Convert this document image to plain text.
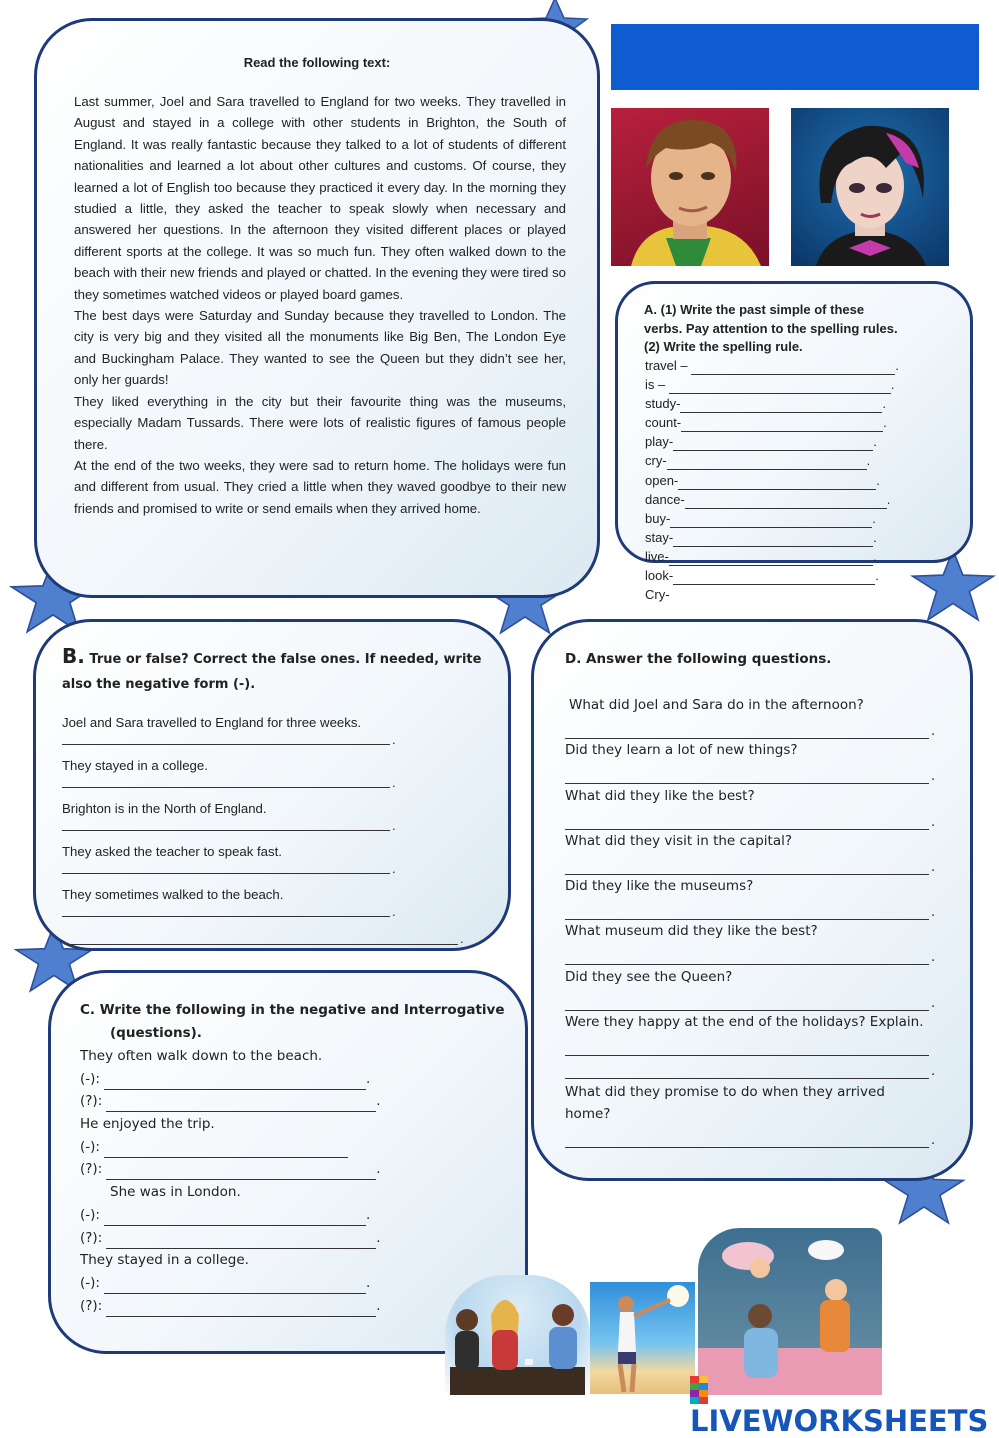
Read the following text:

Last summer, Joel and Sara travelled to England for two weeks. They travelled in August and stayed in a college with other students in Brighton, the South of England. It was really fantastic because they talked to a lot of students of different nationalities and learned a lot about other cultures and customs. Of course, they learned a lot of English too because they practiced it every day. In the morning they studied a little, they asked the teacher to speak slowly when necessary and answered her questions. In the afternoon they visited different places or played different sports at the college. It was so much fun. They often walked down to the beach with their new friends and played or chatted. In the evening they were tired so they sometimes watched videos or played board games.

The best days were Saturday and Sunday because they travelled to London. The city is very big and they visited all the monuments like Big Ben, The London Eye and Buckingham Palace. They wanted to see the Queen but they didn’t see her, only her guards!

They liked everything in the city but their favourite thing was the museums, especially Madam Tussards. There were lots of realistic figures of famous people there.

At the end of the two weeks, they were sad to return home. The holidays were fun and different from usual. They cried a little when they waved goodbye to their new friends and promised to write or send emails when they arrived home.

A. (1) Write the past simple of these
verbs. Pay attention to the spelling rules.
(2) Write the spelling rule.
travel –	.
is –	.
study-	.
count-	.
play-	.
cry-	.
open-	.
dance-	.
buy-	.
stay-	.
live-	.
look-	.
Cry-
B. True or false? Correct the false ones. If needed, write also the negative form (-).
Joel and Sara travelled to England for three weeks.
.
They stayed in a college.
.
Brighton is in the North of England.
.
They asked the teacher to speak fast.
.
They sometimes walked to the beach.
.
.
D. Answer the following questions.
What did Joel and Sara do in the afternoon?
.
Did they learn a lot of new things?
.
What did they like the best?
.
What did they visit in the capital?
.
Did they like the museums?
.
What museum did they like the best?
.
Did they see the Queen?
.
Were they happy at the end of the holidays? Explain.
.
What did they promise to do when they arrived home?
.
C. Write the following in the negative and Interrogative
(questions).
They often walk down to the beach.
(-):	.
(?):	.
He enjoyed the trip.
(-):
(?):	.
She was in London.
(-):	.
(?):	.
They stayed in a college.
(-):	.
(?):	.
LIVEWORKSHEETS
